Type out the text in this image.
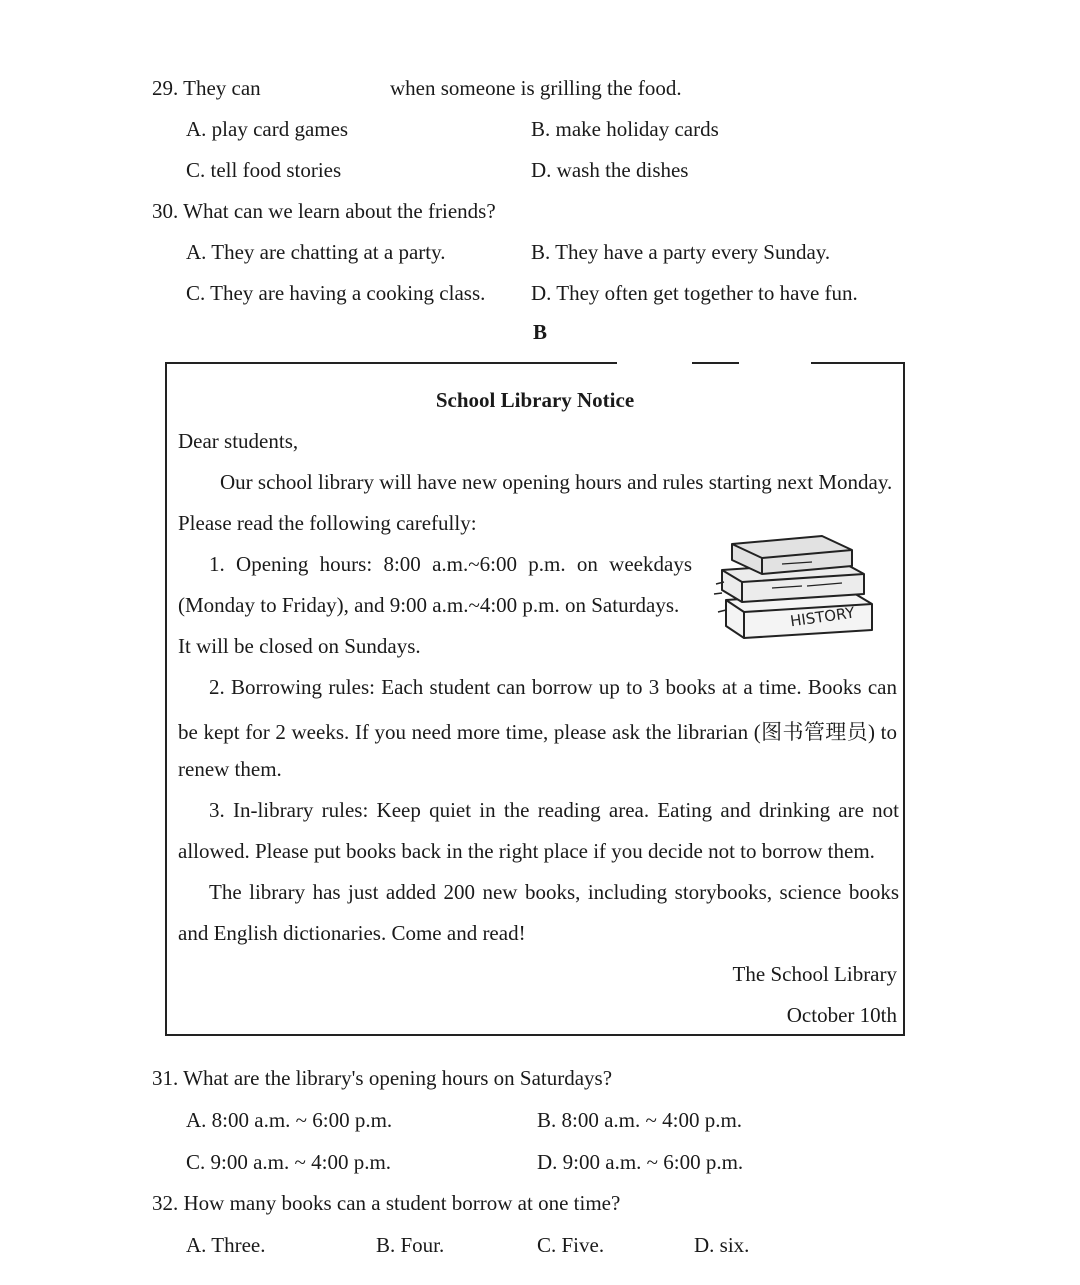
29. They can	when someone is grilling the food.
A. play card games	B. make holiday cards
C. tell food stories	D. wash the dishes
30. What can we learn about the friends?
A. They are chatting at a party.	B. They have a party every Sunday.
C. They are having a cooking class. D. They often get together to have fun.
B
School Library Notice
Dear students,
Our school library will have new opening hours and rules starting next Monday.
Please read the following carefully:
1. Opening hours: 8:00 a.m.~6:00 p.m. on weekdays
(Monday to Friday), and 9:00 a.m.~4:00 p.m. on Saturdays.
It will be closed on Sundays.
HISTORY
2. Borrowing rules: Each student can borrow up to 3 books at a time. Books can
be kept for 2 weeks. If you need more time, please ask the librarian (图书管理员) to
renew them.
3. In-library rules: Keep quiet in the reading area. Eating and drinking are not
allowed. Please put books back in the right place if you decide not to borrow them.
The library has just added 200 new books, including storybooks, science books
and English dictionaries. Come and read!
The School Library
October 10th
31. What are the library's opening hours on Saturdays?
A. 8:00 a.m. ~ 6:00 p.m.	B. 8:00 a.m. ~ 4:00 p.m.
C. 9:00 a.m. ~ 4:00 p.m.	D. 9:00 a.m. ~ 6:00 p.m.
32. How many books can a student borrow at one time?
A. Three.	B. Four.	C. Five.	D. six.
